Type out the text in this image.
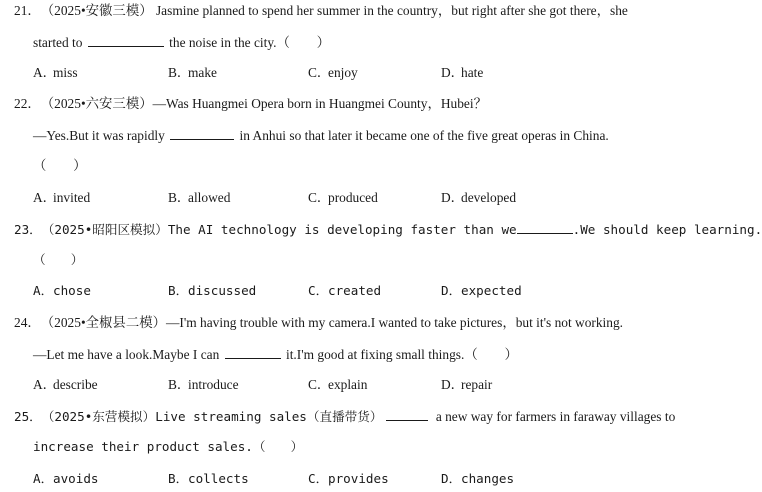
21．（2025•安徽三模） Jasmine planned to spend her summer in the country，but right after she got there，she
started to	the noise in the city.（　　）
A．miss	B．make	C．enjoy	D．hate
22．（2025•六安三模）—Was Huangmei Opera born in Huangmei County，Hubei？
—Yes.But it was rapidly	in Anhui so that later it became one of the five great operas in China.
（　　）
A．invited	B．allowed	C．produced	D．developed
23．（2025•昭阳区模拟）The AI technology is developing faster than we	.We should keep learning.
（　　）
A．chose	B．discussed	C．created	D．expected
24．（2025•全椒县二模）—I'm having trouble with my camera.I wanted to take pictures，but it's not working.
—Let me have a look.Maybe I can	it.I'm good at fixing small things.（　　）
A．describe	B．introduce	C．explain	D．repair
25．（2025•东营模拟）Live streaming sales（直播带货）	a new way for farmers in faraway villages to
increase their product sales.（　　）
A．avoids	B．collects	C．provides	D．changes
